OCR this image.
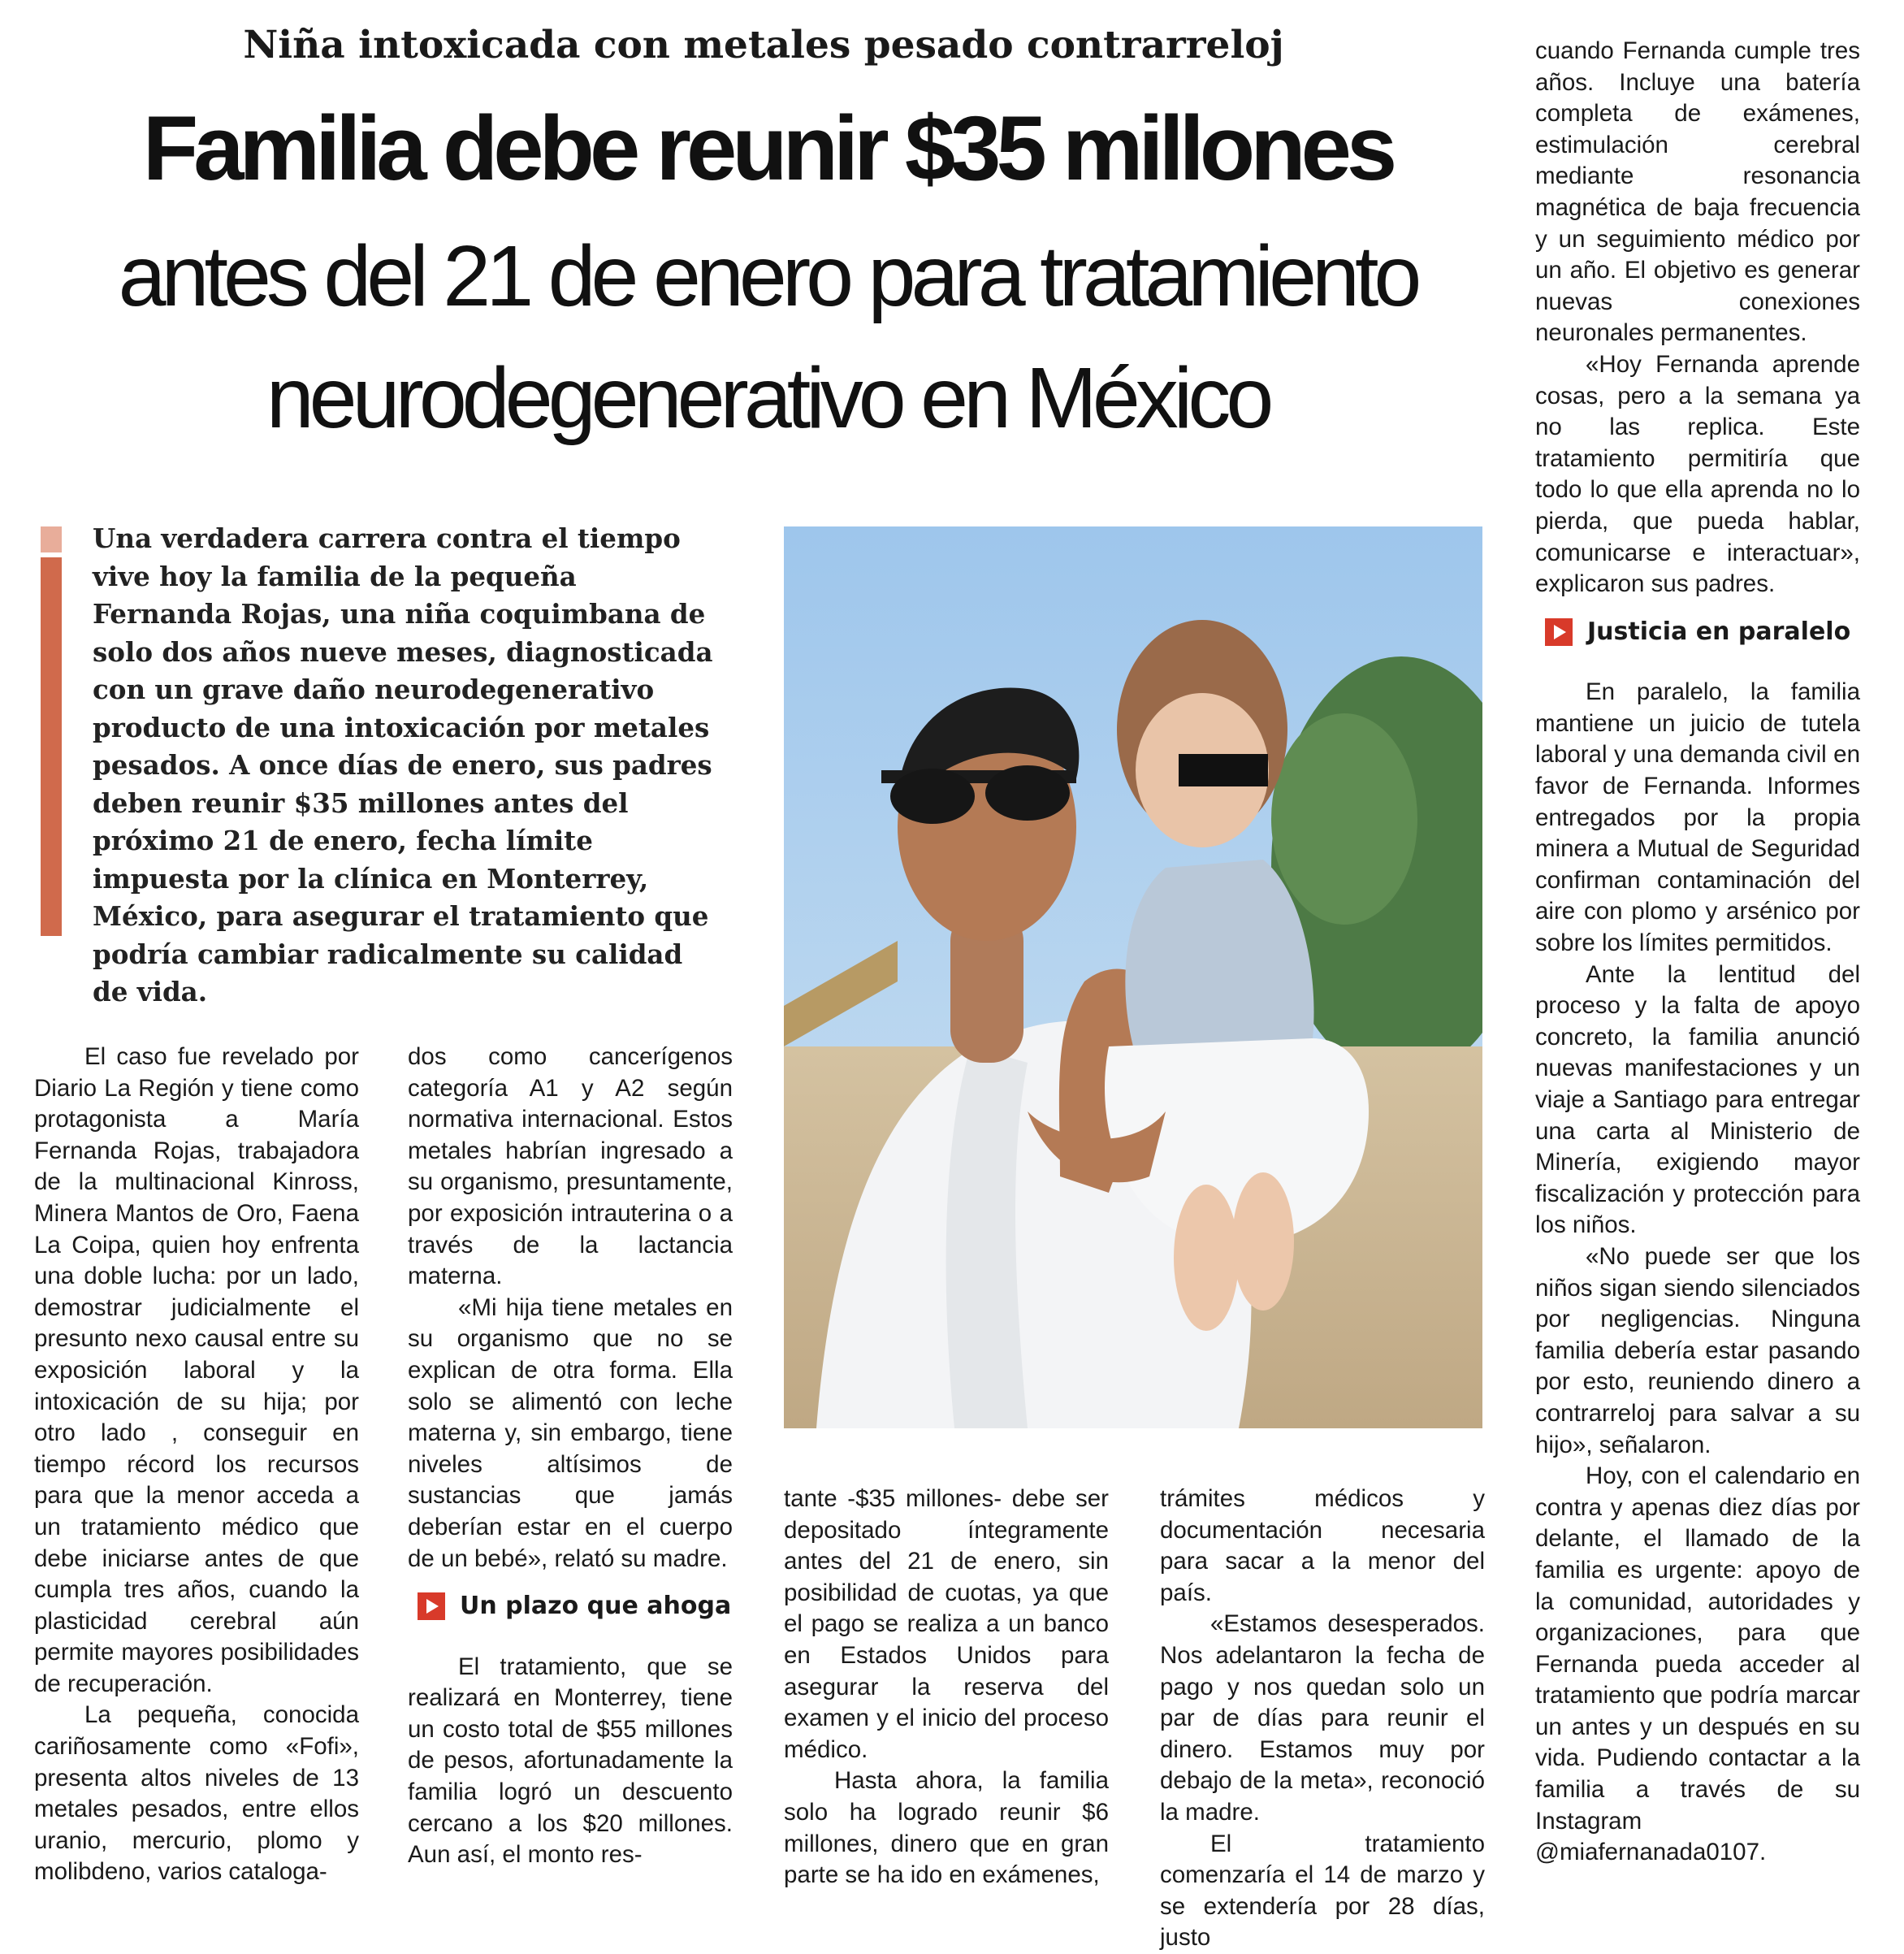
Niña intoxicada con metales pesado contrarreloj
Familia debe reunir $35 millones
antes del 21 de enero para tratamiento
neurodegenerativo en México

Una verdadera carrera contra el tiempo vive hoy la familia de la pequeña Fernanda Rojas, una niña coquimbana de solo dos años nueve meses, diagnosticada con un grave daño neurodegenerativo producto de una intoxicación por metales pesados. A once días de enero, sus padres deben reunir $35 millones antes del próximo 21 de enero, fecha límite impuesta por la clínica en Monterrey, México, para asegurar el tratamiento que podría cambiar radicalmente su calidad de vida.

El caso fue revelado por Diario La Región y tiene como protagonista a María Fernanda Rojas, trabajadora de la multinacional Kinross, Minera Mantos de Oro, Faena La Coipa, quien hoy enfrenta una doble lucha: por un lado, demostrar judicialmente el presunto nexo causal entre su exposición laboral y la intoxicación de su hija; por otro lado , conseguir en tiempo récord los recursos para que la menor acceda a un tratamiento médico que debe iniciarse antes de que cumpla tres años, cuando la plasticidad cerebral aún permite mayores posibilidades de recuperación.

La pequeña, conocida cariñosamente como «Fofi», presenta altos niveles de 13 metales pesados, entre ellos uranio, mercurio, plomo y molibdeno, varios cataloga-

dos como cancerígenos categoría A1 y A2 según normativa internacional. Estos metales habrían ingresado a su organismo, presuntamente, por exposición intrauterina o a través de la lactancia materna.

«Mi hija tiene metales en su organismo que no se explican de otra forma. Ella solo se alimentó con leche materna y, sin embargo, tiene niveles altísimos de sustancias que jamás deberían estar en el cuerpo de un bebé», relató su madre.

Un plazo que ahoga

El tratamiento, que se realizará en Monterrey, tiene un costo total de $55 millones de pesos, afortunadamente la familia logró un descuento cercano a los $20 millones. Aun así, el monto res-

tante -$35 millones- debe ser depositado íntegramente antes del 21 de enero, sin posibilidad de cuotas, ya que el pago se realiza a un banco en Estados Unidos para asegurar la reserva del examen y el inicio del proceso médico.

Hasta ahora, la familia solo ha logrado reunir $6 millones, dinero que en gran parte se ha ido en exámenes,

trámites médicos y documentación necesaria para sacar a la menor del país.

«Estamos desesperados. Nos adelantaron la fecha de pago y nos quedan solo un par de días para reunir el dinero. Estamos muy por debajo de la meta», reconoció la madre.

El tratamiento comenzaría el 14 de marzo y se extendería por 28 días, justo

cuando Fernanda cumple tres años. Incluye una batería completa de exámenes, estimulación cerebral mediante resonancia magnética de baja frecuencia y un seguimiento médico por un año. El objetivo es generar nuevas conexiones neuronales permanentes.

«Hoy Fernanda aprende cosas, pero a la semana ya no las replica. Este tratamiento permitiría que todo lo que ella aprenda no lo pierda, que pueda hablar, comunicarse e interactuar», explicaron sus padres.

Justicia en paralelo

En paralelo, la familia mantiene un juicio de tutela laboral y una demanda civil en favor de Fernanda. Informes entregados por la propia minera a Mutual de Seguridad confirman contaminación del aire con plomo y arsénico por sobre los límites permitidos.

Ante la lentitud del proceso y la falta de apoyo concreto, la familia anunció nuevas manifestaciones y un viaje a Santiago para entregar una carta al Ministerio de Minería, exigiendo mayor fiscalización y protección para los niños.

«No puede ser que los niños sigan siendo silenciados por negligencias. Ninguna familia debería estar pasando por esto, reuniendo dinero a contrarreloj para salvar a su hijo», señalaron.

Hoy, con el calendario en contra y apenas diez días por delante, el llamado de la familia es urgente: apoyo de la comunidad, autoridades y organizaciones, para que Fernanda pueda acceder al tratamiento que podría marcar un antes y un después en su vida. Pudiendo contactar a la familia a través de su Instagram @miafernanada0107.
